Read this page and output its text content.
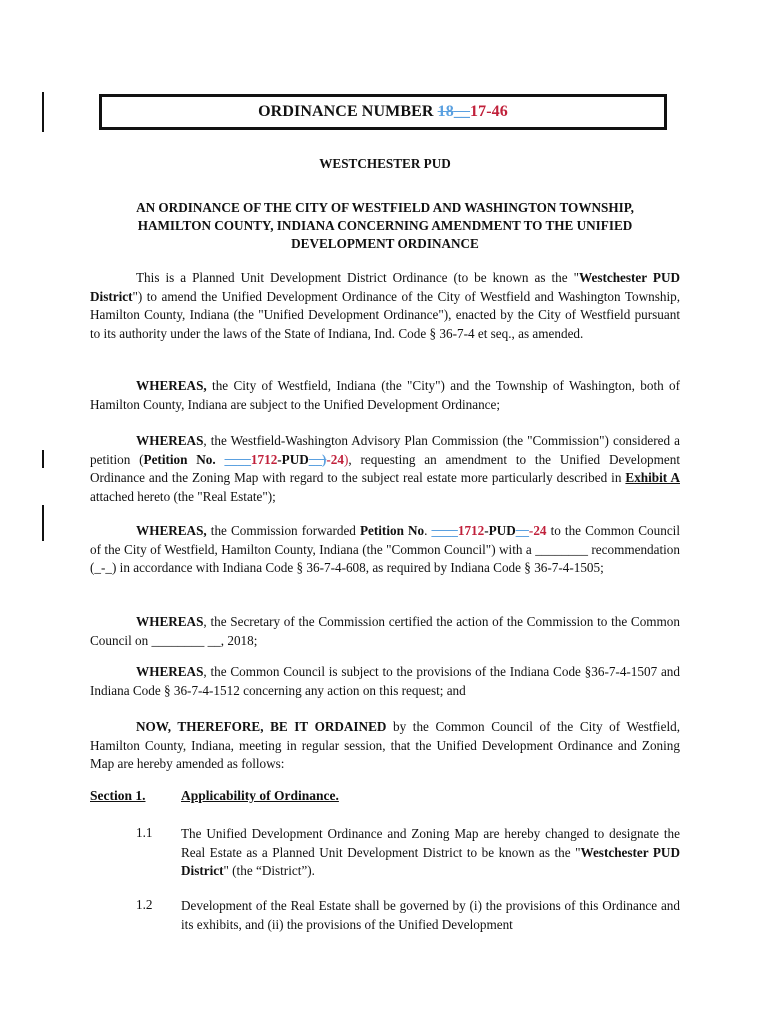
ORDINANCE NUMBER 18__17-46
WESTCHESTER PUD
AN ORDINANCE OF THE CITY OF WESTFIELD AND WASHINGTON TOWNSHIP, HAMILTON COUNTY, INDIANA CONCERNING AMENDMENT TO THE UNIFIED DEVELOPMENT ORDINANCE
This is a Planned Unit Development District Ordinance (to be known as the "Westchester PUD District") to amend the Unified Development Ordinance of the City of Westfield and Washington Township, Hamilton County, Indiana (the "Unified Development Ordinance"), enacted by the City of Westfield pursuant to its authority under the laws of the State of Indiana, Ind. Code § 36-7-4 et seq., as amended.
WHEREAS, the City of Westfield, Indiana (the "City") and the Township of Washington, both of Hamilton County, Indiana are subject to the Unified Development Ordinance;
WHEREAS, the Westfield-Washington Advisory Plan Commission (the "Commission") considered a petition (Petition No. ____1712-PUD__)-24), requesting an amendment to the Unified Development Ordinance and the Zoning Map with regard to the subject real estate more particularly described in Exhibit A attached hereto (the "Real Estate");
WHEREAS, the Commission forwarded Petition No. ____1712-PUD__-24 to the Common Council of the City of Westfield, Hamilton County, Indiana (the "Common Council") with a ________ recommendation (_-_) in accordance with Indiana Code § 36-7-4-608, as required by Indiana Code § 36-7-4-1505;
WHEREAS, the Secretary of the Commission certified the action of the Commission to the Common Council on ________ __, 2018;
WHEREAS, the Common Council is subject to the provisions of the Indiana Code §36-7-4-1507 and Indiana Code § 36-7-4-1512 concerning any action on this request; and
NOW, THEREFORE, BE IT ORDAINED by the Common Council of the City of Westfield, Hamilton County, Indiana, meeting in regular session, that the Unified Development Ordinance and Zoning Map are hereby amended as follows:
Section 1.	Applicability of Ordinance.
1.1 The Unified Development Ordinance and Zoning Map are hereby changed to designate the Real Estate as a Planned Unit Development District to be known as the "Westchester PUD District" (the “District”).
1.2 Development of the Real Estate shall be governed by (i) the provisions of this Ordinance and its exhibits, and (ii) the provisions of the Unified Development
